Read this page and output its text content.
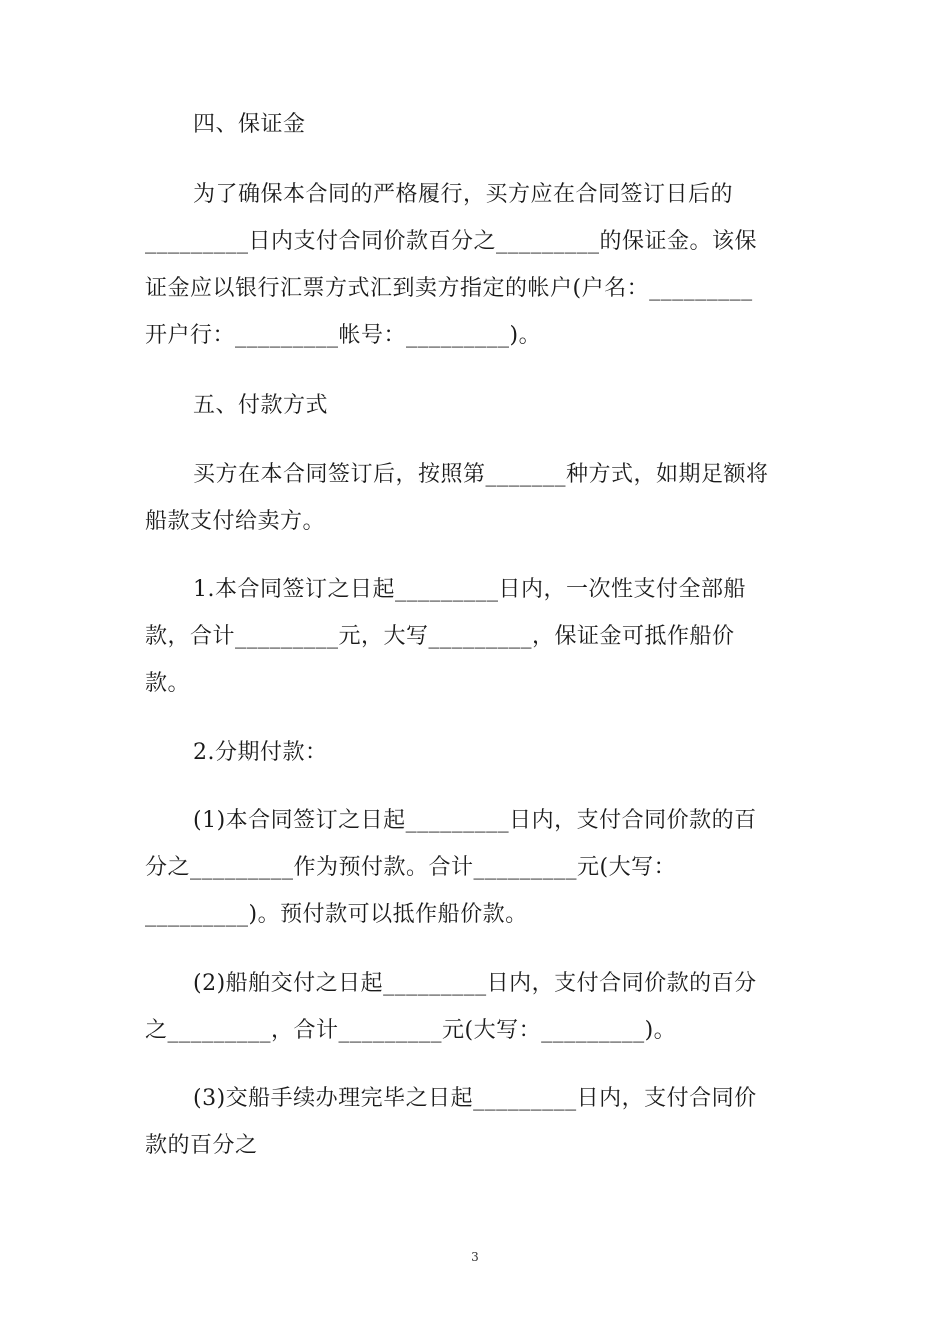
四、保证金
为了确保本合同的严格履行，买方应在合同签订日后的
_________日内支付合同价款百分之_________的保证金。该保
证金应以银行汇票方式汇到卖方指定的帐户(户名：_________
开户行：_________帐号：_________)。
五、付款方式
买方在本合同签订后，按照第_______种方式，如期足额将
船款支付给卖方。
1.本合同签订之日起_________日内，一次性支付全部船
款，合计_________元，大写_________，保证金可抵作船价
款。
2.分期付款：
(1)本合同签订之日起_________日内，支付合同价款的百
分之_________作为预付款。合计_________元(大写：
_________)。预付款可以抵作船价款。
(2)船舶交付之日起_________日内，支付合同价款的百分
之_________，合计_________元(大写：_________)。
(3)交船手续办理完毕之日起_________日内，支付合同价
款的百分之
3
